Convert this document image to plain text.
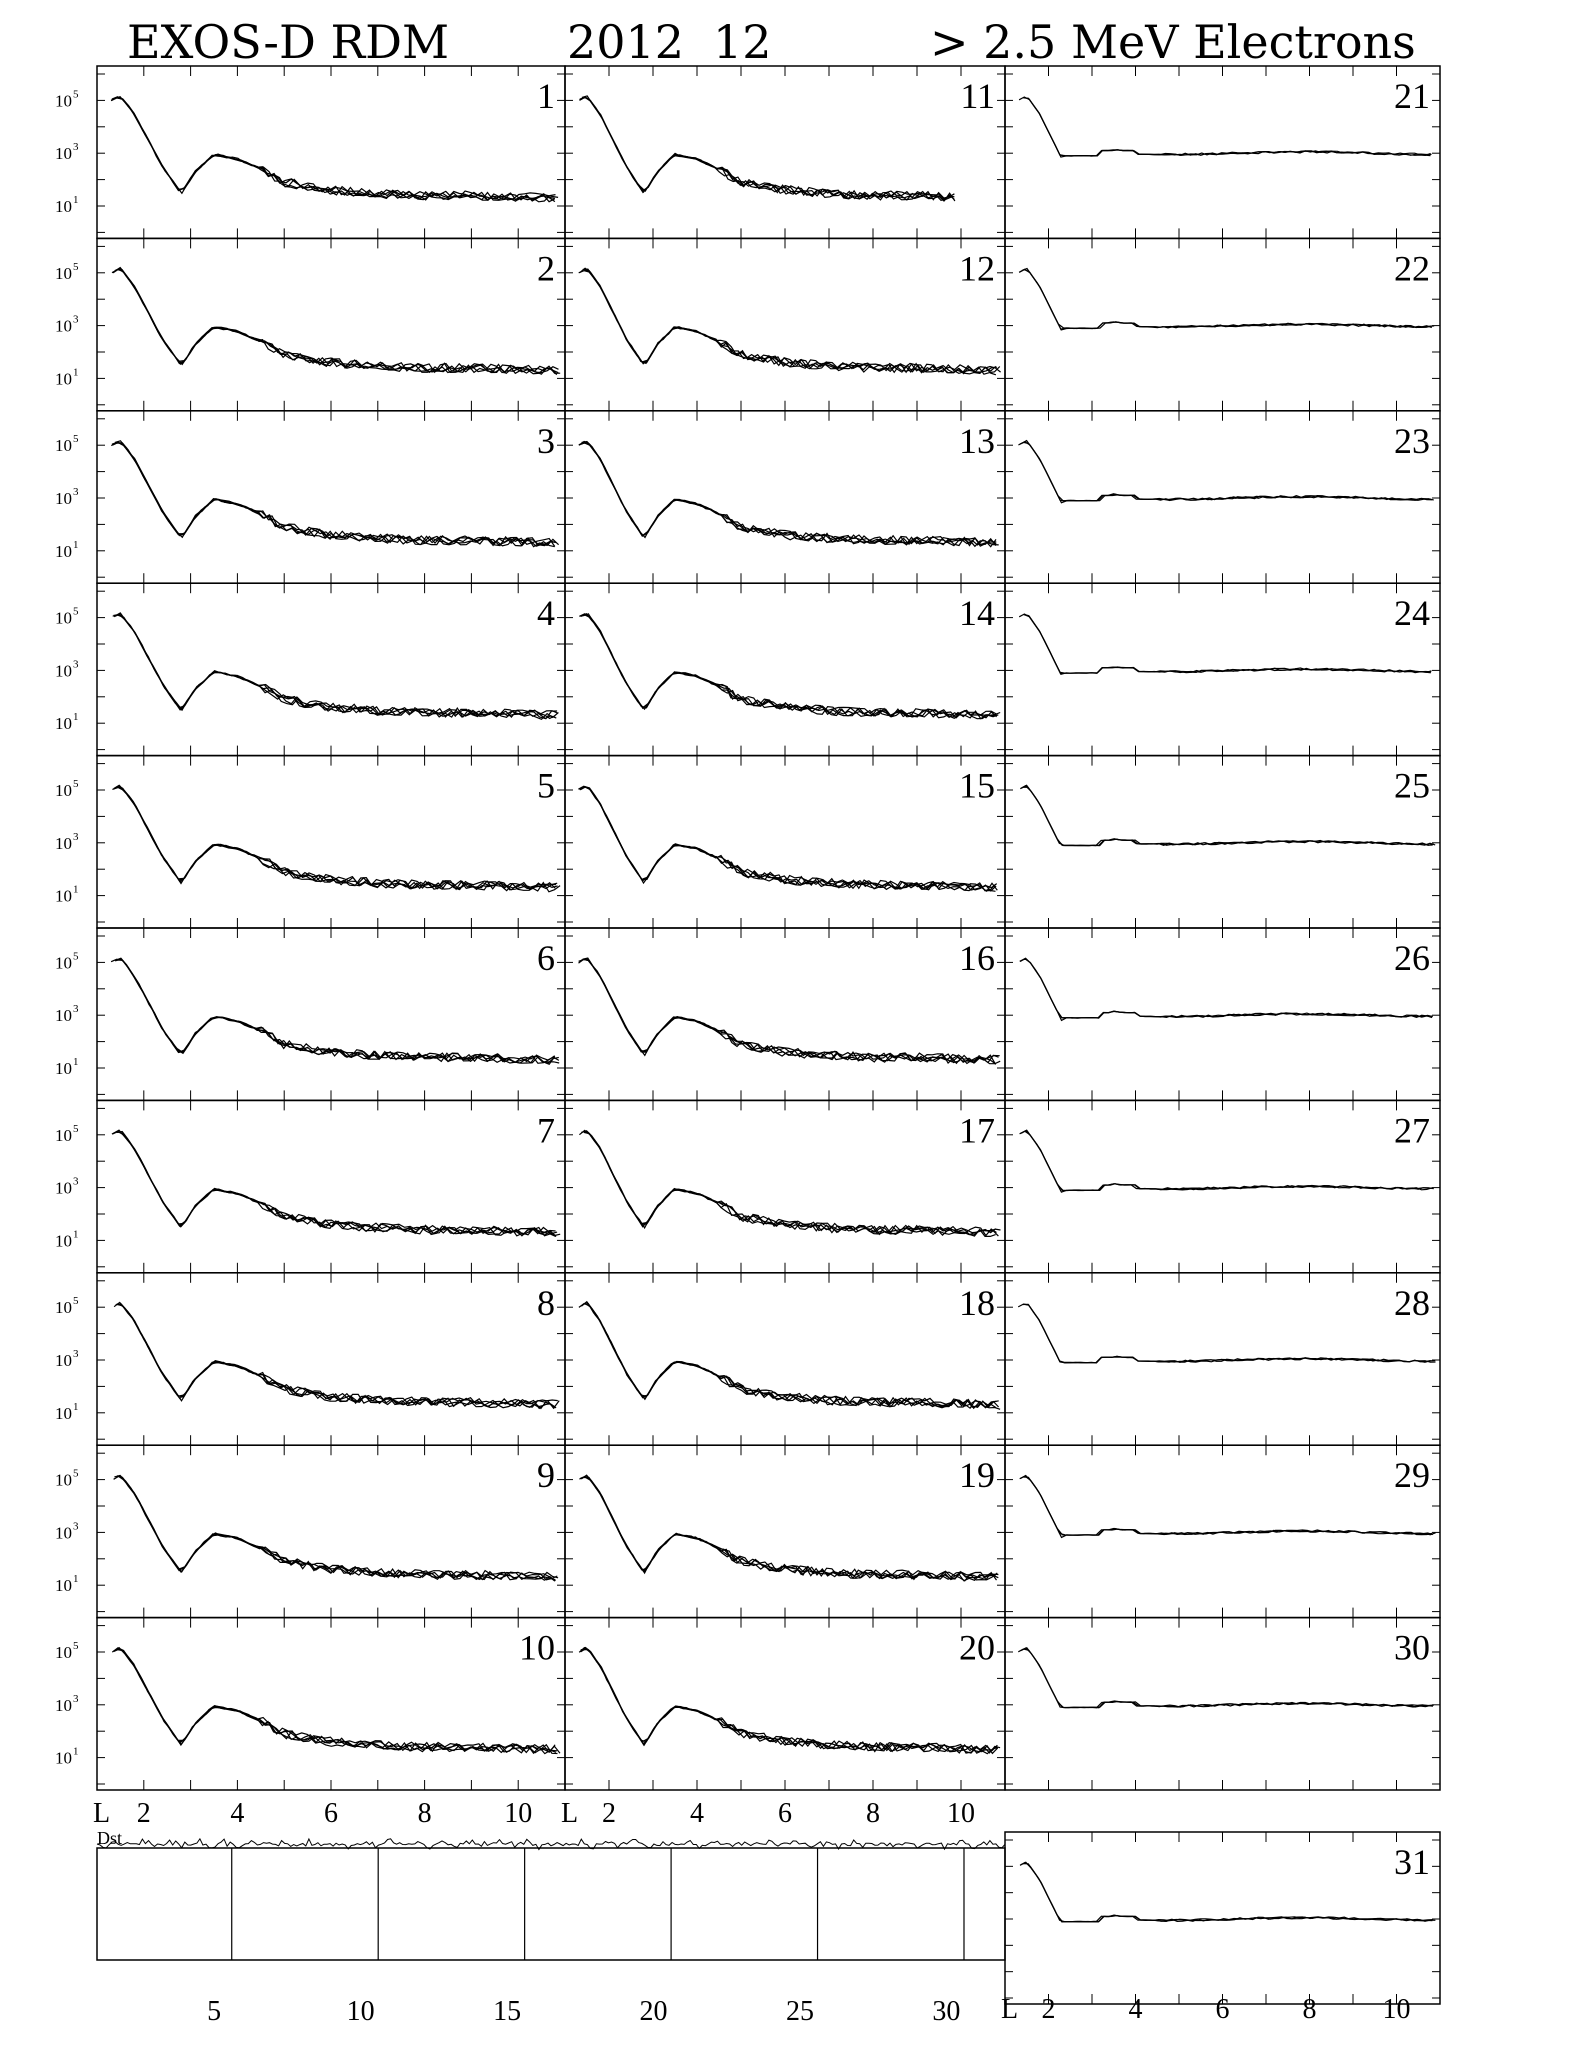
EXOS-D RDM	2012 12	> 2.5 MeV Electrons
10 5
10 3
10 1
1
10 5
10 3
10 1
2
10 5
10 3
10 1
3
10 5
10 3
10 1
4
10 5
10 3
10 1
5
10 5
10 3
10 1
6
10 5
10 3
10 1
7
10 5
10 3
10 1
8
10 5
10 3
10 1
9
10 5
10 3
10 1
10
11
12
13
14
15
16
17
18
19
20
21
22
23
24
25
26
27
28
29
30
31
L 2	4	6	8	10 L 2	4	6	8 10
L 2	4	6	8 10
Dst
5	10	15	20	25	30
